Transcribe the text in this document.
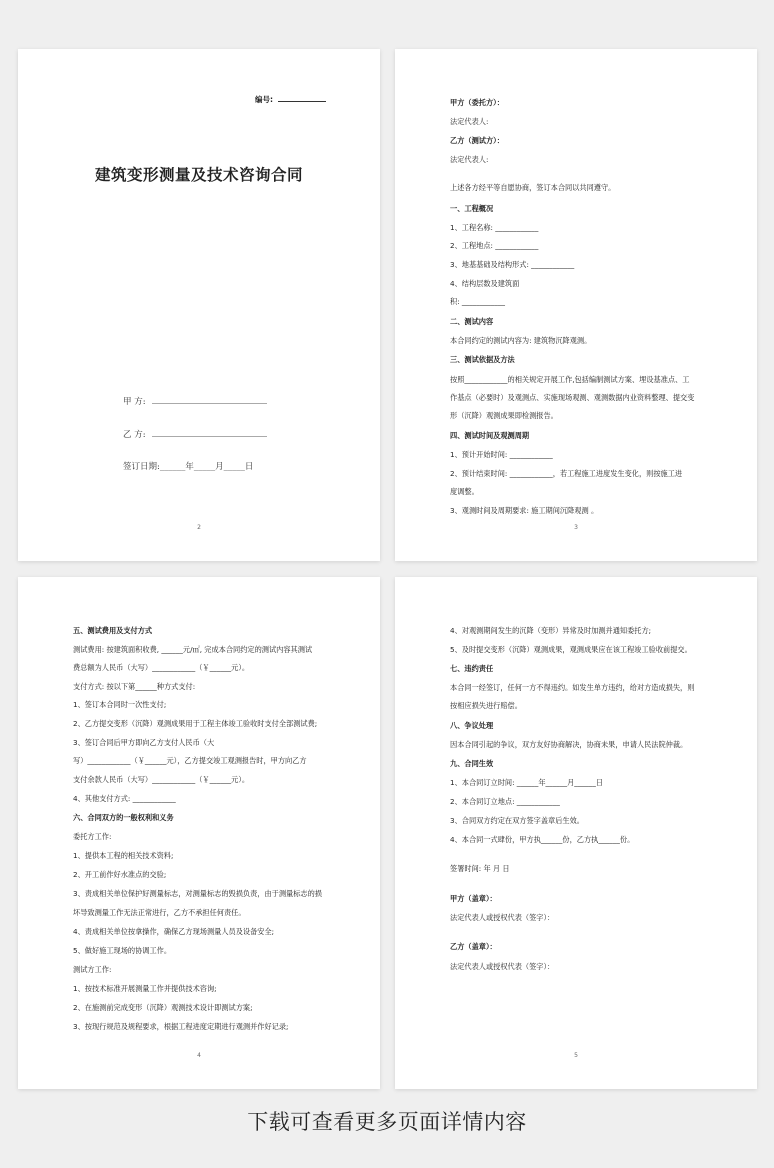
编号:
建筑变形测量及技术咨询合同
甲 方:
乙 方:
签订日期:______年_____月_____日
2
甲方（委托方）：
法定代表人:
乙方（测试方）：
法定代表人:
上述各方经平等自愿协商，签订本合同以共同遵守。
一、工程概况
1、工程名称: ____________
2、工程地点: ____________
3、地基基础及结构形式: ____________
4、结构层数及建筑面
积: ____________
二、测试内容
本合同约定的测试内容为: 建筑物沉降观测。
三、测试依据及方法
按照____________的相关规定开展工作,包括编制测试方案、埋设基准点、工
作基点（必要时）及观测点、实施现场观测、观测数据内业资料整理、提交变
形（沉降）观测成果即检测报告。
四、测试时间及观测周期
1、预计开始时间: ____________
2、预计结束时间: ____________，若工程施工进度发生变化，则按施工进
度调整。
3、观测时间及周期要求: 施工期间沉降观测 。
3
五、测试费用及支付方式
测试费用: 按建筑面积收费, ______元/㎡, 完成本合同约定的测试内容其测试
费总额为人民币（大写）____________（￥______元）。
支付方式: 按以下第______种方式支付:
1、签订本合同时一次性支付;
2、乙方提交变形（沉降）观测成果用于工程主体竣工验收时支付全部测试费;
3、签订合同后甲方即向乙方支付人民币（大
写）____________（￥______元），乙方提交竣工观测报告时，甲方向乙方
支付余款人民币（大写）____________（￥______元）。
4、其他支付方式: ____________
六、合同双方的一般权利和义务
委托方工作:
1、提供本工程的相关技术资料;
2、开工前作好水准点的交验;
3、责成相关单位保护好测量标志，对测量标志的毁损负责，由于测量标志的损
坏导致测量工作无法正常进行，乙方不承担任何责任。
4、责成相关单位按拿操作，确保乙方现场测量人员及设备安全;
5、做好施工现场的协调工作。
测试方工作:
1、按技术标准开展测量工作并提供技术咨询;
2、在施测前完成变形（沉降）观测技术设计即测试方案;
3、按现行规范及规程要求，根据工程进度定期进行观测并作好记录;
4
4、对观测期间发生的沉降（变形）异常及时加测并通知委托方;
5、及时提交变形（沉降）观测成果，观测成果应在该工程竣工验收前提交。
七、违约责任
本合同一经签订，任何一方不得违约。如发生单方违约，给对方造成损失，则
按相应损失进行赔偿。
八、争议处理
因本合同引起的争议，双方友好协商解决，协商未果，申请人民法院仲裁。
九、合同生效
1、本合同订立时间: ______年______月______日
2、本合同订立地点: ____________
3、合同双方约定在双方签字盖章后生效。
4、本合同一式肆份，甲方执______份，乙方执______份。
签署时间: 年 月 日
甲方（盖章）：
法定代表人或授权代表（签字）：
乙方（盖章）：
法定代表人或授权代表（签字）：
5
下载可查看更多页面详情内容
